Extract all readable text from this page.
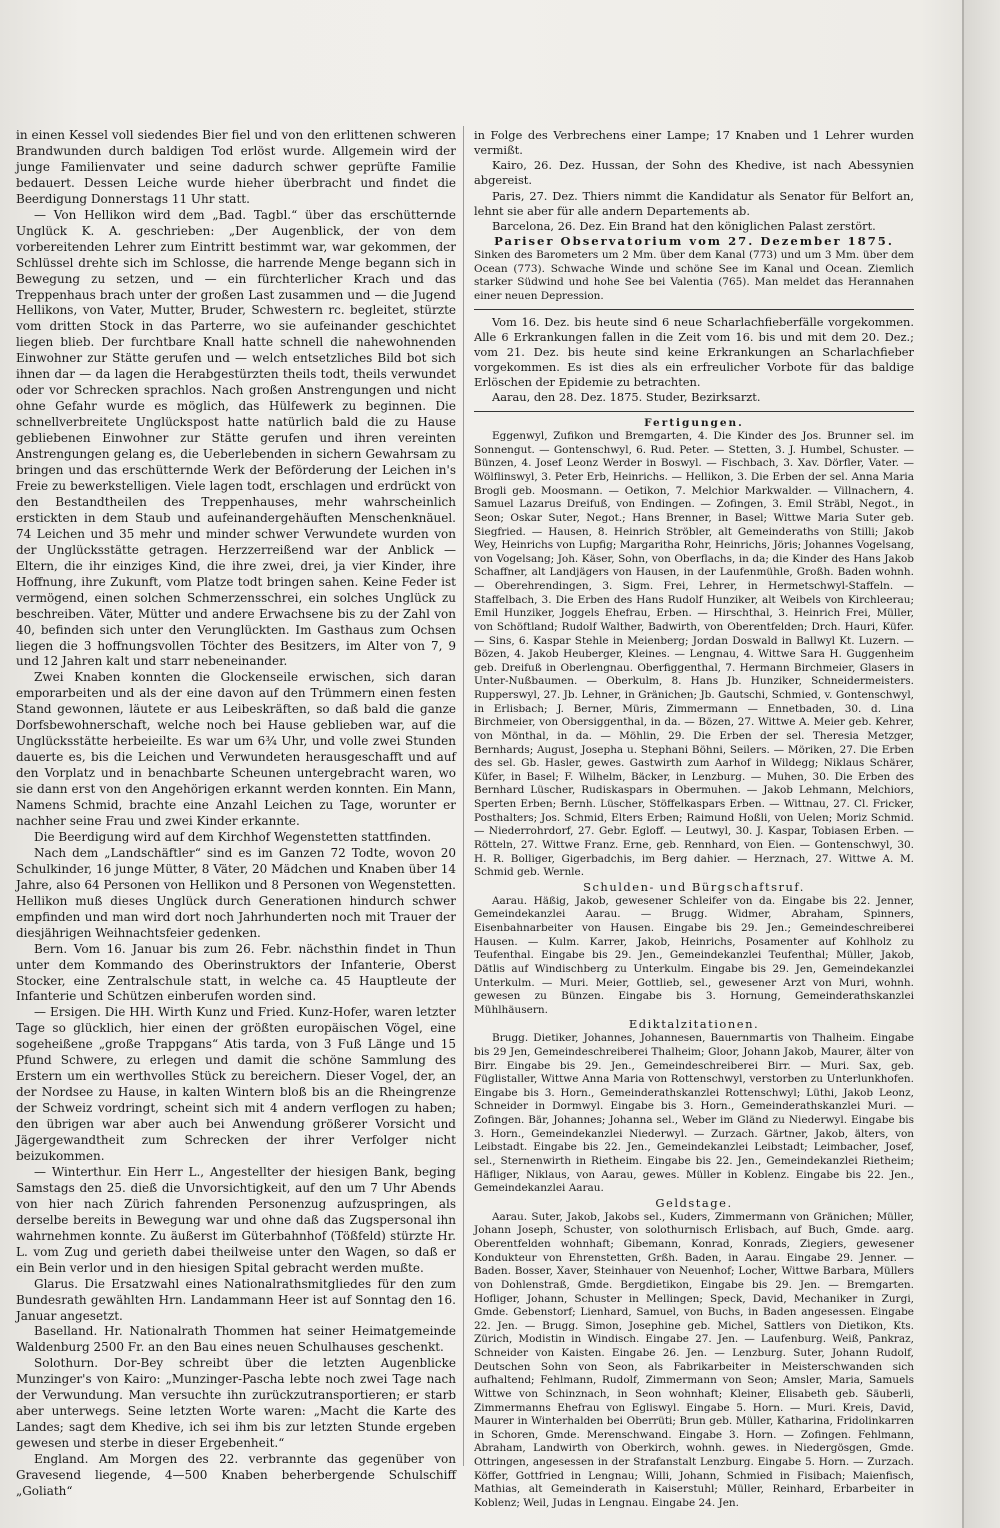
in einen Kessel voll siedendes Bier fiel und von den erlittenen schweren Brandwunden durch baldigen Tod erlöst wurde. Allgemein wird der junge Familienvater und seine dadurch schwer geprüfte Familie bedauert. Dessen Leiche wurde hieher überbracht und findet die Beerdigung Donnerstags 11 Uhr statt.

— Von Hellikon wird dem „Bad. Tagbl.“ über das erschütternde Unglück K. A. geschrieben: „Der Augenblick, der von dem vorbereitenden Lehrer zum Eintritt bestimmt war, war gekommen, der Schlüssel drehte sich im Schlosse, die harrende Menge begann sich in Bewegung zu setzen, und — ein fürchterlicher Krach und das Treppenhaus brach unter der großen Last zusammen und — die Jugend Hellikons, von Vater, Mutter, Bruder, Schwestern rc. begleitet, stürzte vom dritten Stock in das Parterre, wo sie aufeinander geschichtet liegen blieb. Der furchtbare Knall hatte schnell die nahewohnenden Einwohner zur Stätte gerufen und — welch entsetzliches Bild bot sich ihnen dar — da lagen die Herabgestürzten theils todt, theils verwundet oder vor Schrecken sprachlos. Nach großen Anstrengungen und nicht ohne Gefahr wurde es möglich, das Hülfewerk zu beginnen. Die schnellverbreitete Unglückspost hatte natürlich bald die zu Hause gebliebenen Einwohner zur Stätte gerufen und ihren vereinten Anstrengungen gelang es, die Ueberlebenden in sichern Gewahrsam zu bringen und das erschütternde Werk der Beförderung der Leichen in's Freie zu bewerkstelligen. Viele lagen todt, erschlagen und erdrückt von den Bestandtheilen des Treppenhauses, mehr wahrscheinlich erstickten in dem Staub und aufeinandergehäuften Menschenknäuel. 74 Leichen und 35 mehr und minder schwer Verwundete wurden von der Unglücksstätte getragen. Herzzerreißend war der Anblick — Eltern, die ihr einziges Kind, die ihre zwei, drei, ja vier Kinder, ihre Hoffnung, ihre Zukunft, vom Platze todt bringen sahen. Keine Feder ist vermögend, einen solchen Schmerzensschrei, ein solches Unglück zu beschreiben. Väter, Mütter und andere Erwachsene bis zu der Zahl von 40, befinden sich unter den Verunglückten. Im Gasthaus zum Ochsen liegen die 3 hoffnungsvollen Töchter des Besitzers, im Alter von 7, 9 und 12 Jahren kalt und starr nebeneinander.

Zwei Knaben konnten die Glockenseile erwischen, sich daran emporarbeiten und als der eine davon auf den Trümmern einen festen Stand gewonnen, läutete er aus Leibeskräften, so daß bald die ganze Dorfsbewohnerschaft, welche noch bei Hause geblieben war, auf die Unglücksstätte herbeieilte. Es war um 6¾ Uhr, und volle zwei Stunden dauerte es, bis die Leichen und Verwundeten herausgeschafft und auf den Vorplatz und in benachbarte Scheunen untergebracht waren, wo sie dann erst von den Angehörigen erkannt werden konnten. Ein Mann, Namens Schmid, brachte eine Anzahl Leichen zu Tage, worunter er nachher seine Frau und zwei Kinder erkannte.

Die Beerdigung wird auf dem Kirchhof Wegenstetten stattfinden.

Nach dem „Landschäftler“ sind es im Ganzen 72 Todte, wovon 20 Schulkinder, 16 junge Mütter, 8 Väter, 20 Mädchen und Knaben über 14 Jahre, also 64 Personen von Hellikon und 8 Personen von Wegenstetten. Hellikon muß dieses Unglück durch Generationen hindurch schwer empfinden und man wird dort noch Jahrhunderten noch mit Trauer der diesjährigen Weihnachtsfeier gedenken.

Bern. Vom 16. Januar bis zum 26. Febr. nächsthin findet in Thun unter dem Kommando des Oberinstruktors der Infanterie, Oberst Stocker, eine Zentralschule statt, in welche ca. 45 Hauptleute der Infanterie und Schützen einberufen worden sind.

— Ersigen. Die HH. Wirth Kunz und Fried. Kunz-Hofer, waren letzter Tage so glücklich, hier einen der größten europäischen Vögel, eine sogeheißene „große Trappgans“ Atis tarda, von 3 Fuß Länge und 15 Pfund Schwere, zu erlegen und damit die schöne Sammlung des Erstern um ein werthvolles Stück zu bereichern. Dieser Vogel, der, an der Nordsee zu Hause, in kalten Wintern bloß bis an die Rheingrenze der Schweiz vordringt, scheint sich mit 4 andern verflogen zu haben; den übrigen war aber auch bei Anwendung größerer Vorsicht und Jägergewandtheit zum Schrecken der ihrer Verfolger nicht beizukommen.

— Winterthur. Ein Herr L., Angestellter der hiesigen Bank, beging Samstags den 25. dieß die Unvorsichtigkeit, auf den um 7 Uhr Abends von hier nach Zürich fahrenden Personenzug aufzuspringen, als derselbe bereits in Bewegung war und ohne daß das Zugspersonal ihn wahrnehmen konnte. Zu äußerst im Güterbahnhof (Tößfeld) stürzte Hr. L. vom Zug und gerieth dabei theilweise unter den Wagen, so daß er ein Bein verlor und in den hiesigen Spital gebracht werden mußte.

Glarus. Die Ersatzwahl eines Nationalrathsmitgliedes für den zum Bundesrath gewählten Hrn. Landammann Heer ist auf Sonntag den 16. Januar angesetzt.

Baselland. Hr. Nationalrath Thommen hat seiner Heimatgemeinde Waldenburg 2500 Fr. an den Bau eines neuen Schulhauses geschenkt.

Solothurn. Dor-Bey schreibt über die letzten Augenblicke Munzinger's von Kairo: „Munzinger-Pascha lebte noch zwei Tage nach der Verwundung. Man versuchte ihn zurückzutransportieren; er starb aber unterwegs. Seine letzten Worte waren: „Macht die Karte des Landes; sagt dem Khedive, ich sei ihm bis zur letzten Stunde ergeben gewesen und sterbe in dieser Ergebenheit.“

England. Am Morgen des 22. verbrannte das gegenüber von Gravesend liegende, 4—500 Knaben beherbergende Schulschiff „Goliath“

in Folge des Verbrechens einer Lampe; 17 Knaben und 1 Lehrer wurden vermißt.

Kairo, 26. Dez. Hussan, der Sohn des Khedive, ist nach Abessynien abgereist.

Paris, 27. Dez. Thiers nimmt die Kandidatur als Senator für Belfort an, lehnt sie aber für alle andern Departements ab.

Barcelona, 26. Dez. Ein Brand hat den königlichen Palast zerstört.

Pariser Observatorium vom 27. Dezember 1875.

Sinken des Barometers um 2 Mm. über dem Kanal (773) und um 3 Mm. über dem Ocean (773). Schwache Winde und schöne See im Kanal und Ocean. Ziemlich starker Südwind und hohe See bei Valentia (765). Man meldet das Herannahen einer neuen Depression.

Vom 16. Dez. bis heute sind 6 neue Scharlachfieberfälle vorgekommen. Alle 6 Erkrankungen fallen in die Zeit vom 16. bis und mit dem 20. Dez.; vom 21. Dez. bis heute sind keine Erkrankungen an Scharlachfieber vorgekommen. Es ist dies als ein erfreulicher Vorbote für das baldige Erlöschen der Epidemie zu betrachten.

Aarau, den 28. Dez. 1875. Studer, Bezirksarzt.

Fertigungen.

Eggenwyl, Zufikon und Bremgarten, 4. Die Kinder des Jos. Brunner sel. im Sonnengut. — Gontenschwyl, 6. Rud. Peter. — Stetten, 3. J. Humbel, Schuster. — Bünzen, 4. Josef Leonz Werder in Boswyl. — Fischbach, 3. Xav. Dörfler, Vater. — Wölflinswyl, 3. Peter Erb, Heinrichs. — Hellikon, 3. Die Erben der sel. Anna Maria Brogli geb. Moosmann. — Oetikon, 7. Melchior Markwalder. — Villnachern, 4. Samuel Lazarus Dreifuß, von Endingen. — Zofingen, 3. Emil Sträbl, Negot., in Seon; Oskar Suter, Negot.; Hans Brenner, in Basel; Wittwe Maria Suter geb. Siegfried. — Hausen, 8. Heinrich Ströbler, alt Gemeinderaths von Stilli; Jakob Wey, Heinrichs von Lupfig; Margaritha Rohr, Heinrichs, Jöris; Johannes Vogelsang, von Vogelsang; Joh. Käser, Sohn, von Oberflachs, in da; die Kinder des Hans Jakob Schaffner, alt Landjägers von Hausen, in der Laufenmühle, Großh. Baden wohnh. — Oberehrendingen, 3. Sigm. Frei, Lehrer, in Hermetschwyl-Staffeln. — Staffelbach, 3. Die Erben des Hans Rudolf Hunziker, alt Weibels von Kirchleerau; Emil Hunziker, Joggels Ehefrau, Erben. — Hirschthal, 3. Heinrich Frei, Müller, von Schöftland; Rudolf Walther, Badwirth, von Oberentfelden; Drch. Hauri, Küfer. — Sins, 6. Kaspar Stehle in Meienberg; Jordan Doswald in Ballwyl Kt. Luzern. — Bözen, 4. Jakob Heuberger, Kleines. — Lengnau, 4. Wittwe Sara H. Guggenheim geb. Dreifuß in Oberlengnau. Oberfiggenthal, 7. Hermann Birchmeier, Glasers in Unter-Nußbaumen. — Oberkulm, 8. Hans Jb. Hunziker, Schneidermeisters. Rupperswyl, 27. Jb. Lehner, in Gränichen; Jb. Gautschi, Schmied, v. Gontenschwyl, in Erlisbach; J. Berner, Müris, Zimmermann — Ennetbaden, 30. d. Lina Birchmeier, von Obersiggenthal, in da. — Bözen, 27. Wittwe A. Meier geb. Kehrer, von Mönthal, in da. — Möhlin, 29. Die Erben der sel. Theresia Metzger, Bernhards; August, Josepha u. Stephani Böhni, Seilers. — Möriken, 27. Die Erben des sel. Gb. Hasler, gewes. Gastwirth zum Aarhof in Wildegg; Niklaus Schärer, Küfer, in Basel; F. Wilhelm, Bäcker, in Lenzburg. — Muhen, 30. Die Erben des Bernhard Lüscher, Rudiskaspars in Obermuhen. — Jakob Lehmann, Melchiors, Sperten Erben; Bernh. Lüscher, Stöffelkaspars Erben. — Wittnau, 27. Cl. Fricker, Posthalters; Jos. Schmid, Elters Erben; Raimund Hoßli, von Uelen; Moriz Schmid. — Niederrohrdorf, 27. Gebr. Egloff. — Leutwyl, 30. J. Kaspar, Tobiasen Erben. — Rötteln, 27. Wittwe Franz. Erne, geb. Rennhard, von Eien. — Gontenschwyl, 30. H. R. Bolliger, Gigerbadchis, im Berg dahier. — Herznach, 27. Wittwe A. M. Schmid geb. Wernle.

Schulden- und Bürgschaftsruf.

Aarau. Häßig, Jakob, gewesener Schleifer von da. Eingabe bis 22. Jenner, Gemeindekanzlei Aarau. — Brugg. Widmer, Abraham, Spinners, Eisenbahnarbeiter von Hausen. Eingabe bis 29. Jen.; Gemeindeschreiberei Hausen. — Kulm. Karrer, Jakob, Heinrichs, Posamenter auf Kohlholz zu Teufenthal. Eingabe bis 29. Jen., Gemeindekanzlei Teufenthal; Müller, Jakob, Dätlis auf Windischberg zu Unterkulm. Eingabe bis 29. Jen, Gemeindekanzlei Unterkulm. — Muri. Meier, Gottlieb, sel., gewesener Arzt von Muri, wohnh. gewesen zu Bünzen. Eingabe bis 3. Hornung, Gemeinderathskanzlei Mühlhäusern.

Ediktalzitationen.

Brugg. Dietiker, Johannes, Johannesen, Bauernmartis von Thalheim. Eingabe bis 29 Jen, Gemeindeschreiberei Thalheim; Gloor, Johann Jakob, Maurer, älter von Birr. Eingabe bis 29. Jen., Gemeindeschreiberei Birr. — Muri. Sax, geb. Füglistaller, Wittwe Anna Maria von Rottenschwyl, verstorben zu Unterlunkhofen. Eingabe bis 3. Horn., Gemeinderathskanzlei Rottenschwyl; Lüthi, Jakob Leonz, Schneider in Dormwyl. Eingabe bis 3. Horn., Gemeinderathskanzlei Muri. — Zofingen. Bär, Johannes; Johanna sel., Weber im Gländ zu Niederwyl. Eingabe bis 3. Horn., Gemeindekanzlei Niederwyl. — Zurzach. Gärtner, Jakob, älters, von Leibstadt. Eingabe bis 22. Jen., Gemeindekanzlei Leibstadt; Leimbacher, Josef, sel., Sternenwirth in Rietheim. Eingabe bis 22. Jen., Gemeindekanzlei Rietheim; Häfliger, Niklaus, von Aarau, gewes. Müller in Koblenz. Eingabe bis 22. Jen., Gemeindekanzlei Aarau.

Geldstage.

Aarau. Suter, Jakob, Jakobs sel., Kuders, Zimmermann von Gränichen; Müller, Johann Joseph, Schuster, von solothurnisch Erlisbach, auf Buch, Gmde. aarg. Oberentfelden wohnhaft; Gibemann, Konrad, Konrads, Ziegiers, gewesener Kondukteur von Ehrenstetten, Grßh. Baden, in Aarau. Eingabe 29. Jenner. — Baden. Bosser, Xaver, Steinhauer von Neuenhof; Locher, Wittwe Barbara, Müllers von Dohlenstraß, Gmde. Bergdietikon, Eingabe bis 29. Jen. — Bremgarten. Hofliger, Johann, Schuster in Mellingen; Speck, David, Mechaniker in Zurgi, Gmde. Gebenstorf; Lienhard, Samuel, von Buchs, in Baden angesessen. Eingabe 22. Jen. — Brugg. Simon, Josephine geb. Michel, Sattlers von Dietikon, Kts. Zürich, Modistin in Windisch. Eingabe 27. Jen. — Laufenburg. Weiß, Pankraz, Schneider von Kaisten. Eingabe 26. Jen. — Lenzburg. Suter, Johann Rudolf, Deutschen Sohn von Seon, als Fabrikarbeiter in Meisterschwanden sich aufhaltend; Fehlmann, Rudolf, Zimmermann von Seon; Amsler, Maria, Samuels Wittwe von Schinznach, in Seon wohnhaft; Kleiner, Elisabeth geb. Säuberli, Zimmermanns Ehefrau von Egliswyl. Eingabe 5. Horn. — Muri. Kreis, David, Maurer in Winterhalden bei Oberrüti; Brun geb. Müller, Katharina, Fridolinkarren in Schoren, Gmde. Merenschwand. Eingabe 3. Horn. — Zofingen. Fehlmann, Abraham, Landwirth von Oberkirch, wohnh. gewes. in Niedergösgen, Gmde. Ottringen, angesessen in der Strafanstalt Lenzburg. Eingabe 5. Horn. — Zurzach. Köffer, Gottfried in Lengnau; Willi, Johann, Schmied in Fisibach; Maienfisch, Mathias, alt Gemeinderath in Kaiserstuhl; Müller, Reinhard, Erbarbeiter in Koblenz; Weil, Judas in Lengnau. Eingabe 24. Jen.
